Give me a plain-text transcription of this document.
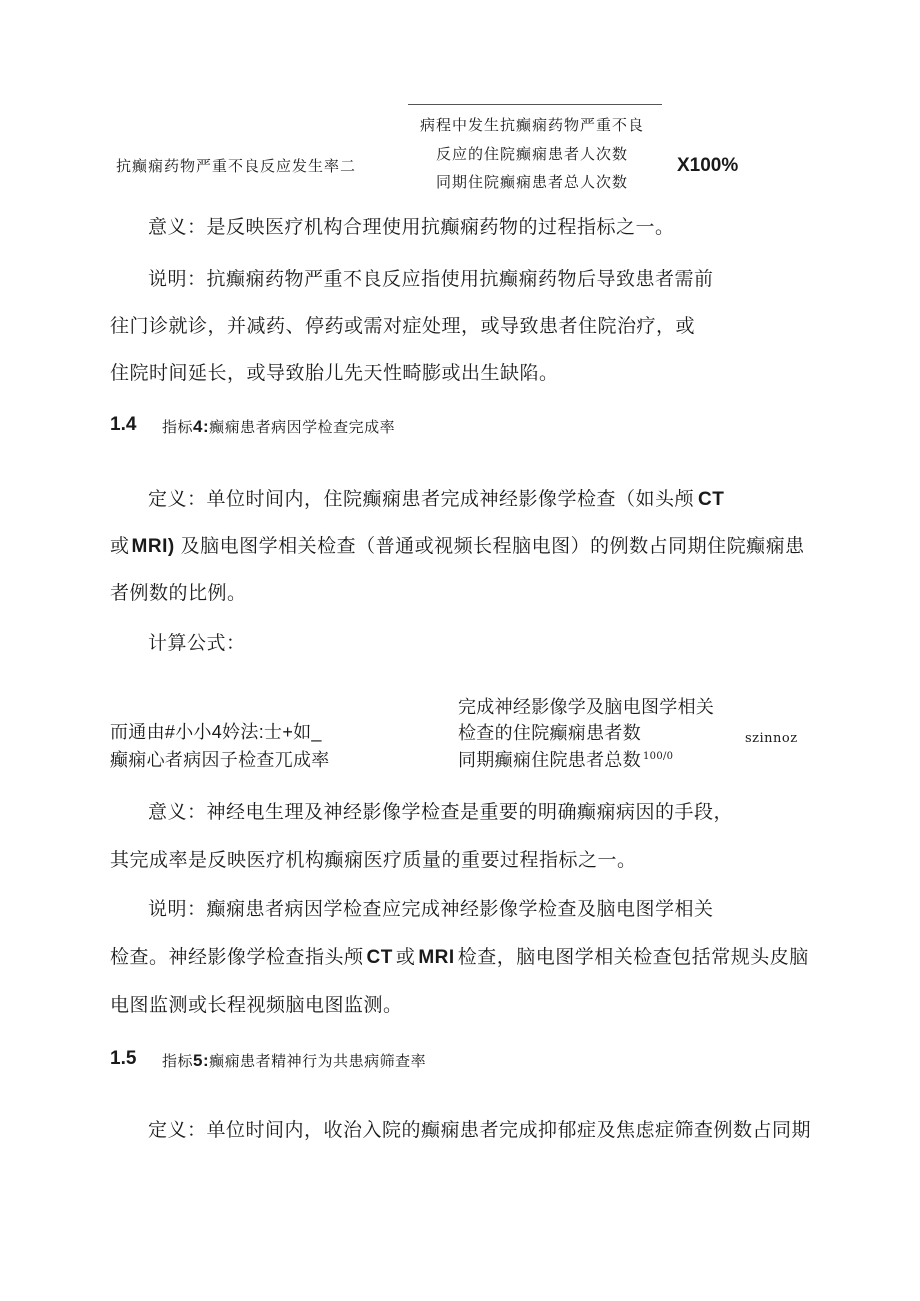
病程中发生抗癫痫药物严重不良
抗癫痫药物严重不良反应发生率二
反应的住院癫痫患者人次数
X100%
同期住院癫痫患者总人次数
意义：是反映医疗机构合理使用抗癫痫药物的过程指标之一。
说明：抗癫痫药物严重不良反应指使用抗癫痫药物后导致患者需前
往门诊就诊，并减药、停药或需对症处理，或导致患者住院治疗，或
住院时间延长，或导致胎儿先天性畸膨或出生缺陷。
1.4 指标4:癫痫患者病因学检查完成率
定义：单位时间内，住院癫痫患者完成神经影像学检查（如头颅 CT
或 MRI) 及脑电图学相关检查（普通或视频长程脑电图）的例数占同期住院癫痫患
者例数的比例。
计算公式：
完成神经影像学及脑电图学相关
而通由#小小4妗法:士+如_	检查的住院癫痫患者数	szinnoz
癫痫心者病因子检查兀成率	同期癫痫住院患者总数 $^{100/0}$
意义：神经电生理及神经影像学检查是重要的明确癫痫病因的手段，
其完成率是反映医疗机构癫痫医疗质量的重要过程指标之一。
说明：癫痫患者病因学检查应完成神经影像学检查及脑电图学相关
检查。神经影像学检查指头颅 CT 或 MRI 检查，脑电图学相关检查包括常规头皮脑
电图监测或长程视频脑电图监测。
1.5 指标5:癫痫患者精神行为共患病筛查率
定义：单位时间内，收治入院的癫痫患者完成抑郁症及焦虑症筛查例数占同期
